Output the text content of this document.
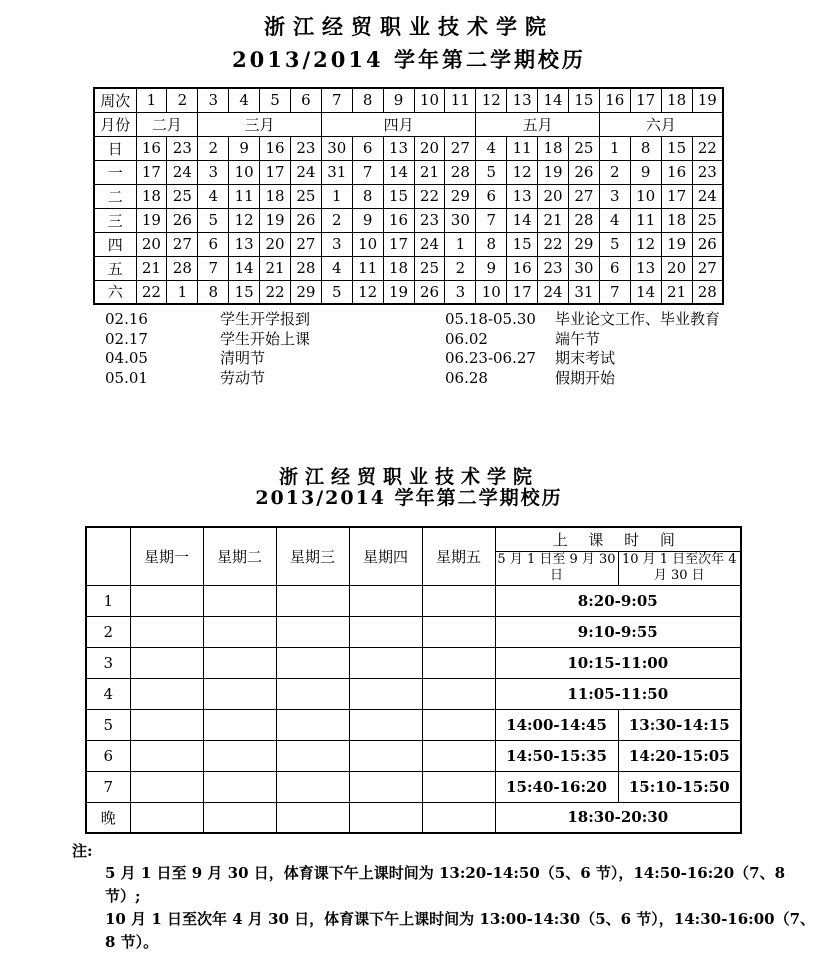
浙江经贸职业技术学院
2013/2014 学年第二学期校历
周次	1	2	3	4	5	6	7	8	9	10	11	12	13	14	15	16	17	18	19
月份	二月		三月				四月					五月				六月			
日	16	23	2	9	16	23	30	6	13	20	27	4	11	18	25	1	8	15	22
一	17	24	3	10	17	24	31	7	14	21	28	5	12	19	26	2	9	16	23
二	18	25	4	11	18	25	1	8	15	22	29	6	13	20	27	3	10	17	24
三	19	26	5	12	19	26	2	9	16	23	30	7	14	21	28	4	11	18	25
四	20	27	6	13	20	27	3	10	17	24	1	8	15	22	29	5	12	19	26
五	21	28	7	14	21	28	4	11	18	25	2	9	16	23	30	6	13	20	27
六	22	1	8	15	22	29	5	12	19	26	3	10	17	24	31	7	14	21	28
02.16	学生开学报到	05.18-05.30	毕业论文工作、毕业教育
02.17	学生开始上课	06.02	端午节
04.05	清明节	06.23-06.27	期末考试
05.01	劳动节	06.28	假期开始
浙江经贸职业技术学院
2013/2014 学年第二学期校历
	星期一	星期二	星期三	星期四	星期五	上 课 时 间	
						5 月 1 日至 9 月 30 日	10 月 1 日至次年 4 月 30 日
1						8:20-9:05	
2						9:10-9:55	
3						10:15-11:00	
4						11:05-11:50	
5						14:00-14:45	13:30-14:15
6						14:50-15:35	14:20-15:05
7						15:40-16:20	15:10-15:50
晚						18:30-20:30	
注:
5 月 1 日至 9 月 30 日，体育课下午上课时间为 13:20-14:50（5、6 节），14:50-16:20（7、8 节）;
10 月 1 日至次年 4 月 30 日，体育课下午上课时间为 13:00-14:30（5、6 节），14:30-16:00（7、8 节）。
